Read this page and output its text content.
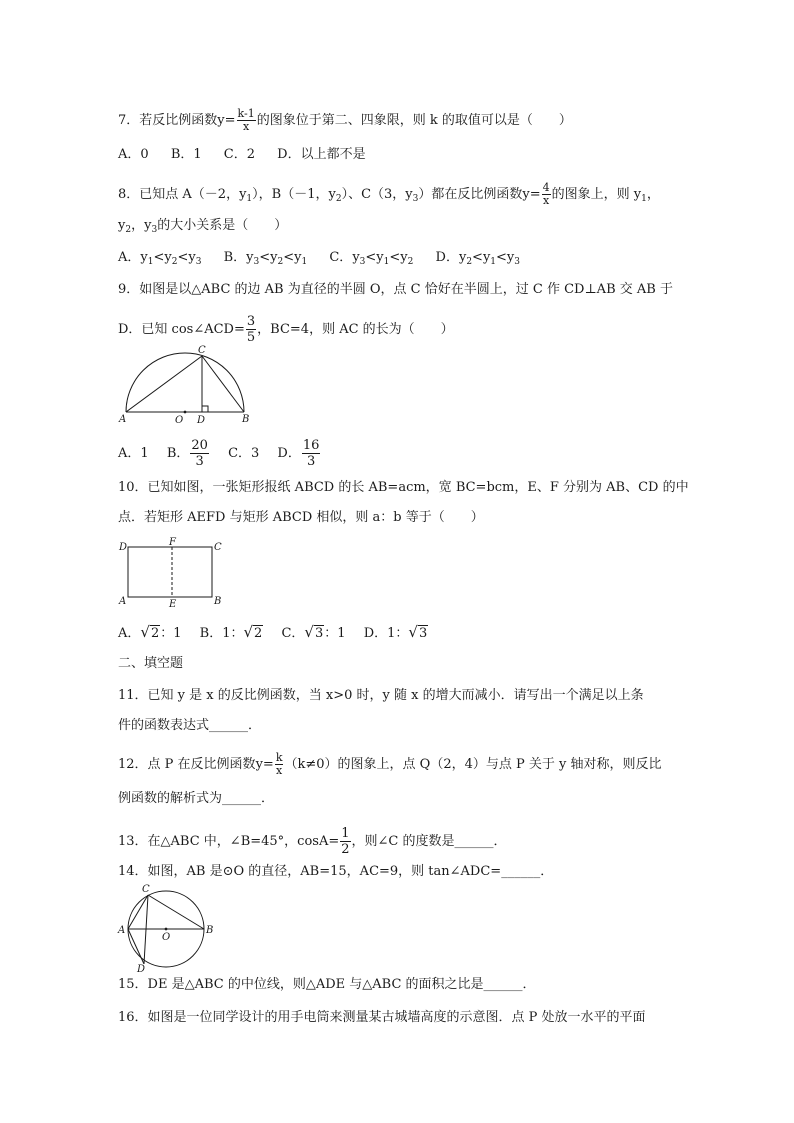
7．若反比例函数$y= \frac{k-1}{x}$ 的图象位于第二、四象限，则 k 的取值可以是（　　）
A．0 B．1 C．2 D．以上都不是
8．已知点 A（－2，$y_1$），B（－1，$y_2$）、C（3，$y_3$）都在反比例函数$y= \frac{4}{x}$ 的图象上，则 $y_1$，
$y_2$，$y_3$的大小关系是（　　）
A．$y_1<y_2<y_3$ B．$y_3<y_2<y_1$ C．$y_3<y_1<y_2$ D．$y_2<y_1<y_3$
9．如图是以△ABC 的边 AB 为直径的半圆 O，点 C 恰好在半圆上，过 C 作 CD⊥AB 交 AB 于
D．已知 cos∠ACD= $\frac{3}{5}$ ，BC=4，则 AC 的长为（　　）
C
A	O D	B
A．1 B． $\frac{20}{3}$ C．3 D． $\frac{16}{3}$
10．已知如图，一张矩形报纸 ABCD 的长 AB=acm，宽 BC=bcm，E、F 分别为 AB、CD 的中
点．若矩形 AEFD 与矩形 ABCD 相似，则 a：b 等于（　　）
D	F	C
A	E	B
A．√2：1 B．1：√2 C．√3：1 D．1：√3
二、填空题
11．已知 y 是 x 的反比例函数，当 x>0 时，y 随 x 的增大而减小．请写出一个满足以上条
件的函数表达式______．
12．点 P 在反比例函数$y= \frac{k}{x} (k\ne 0)$的图象上，点 Q（2，4）与点 P 关于 y 轴对称，则反比
例函数的解析式为______．
13．在△ABC 中，∠B=45°，$\cos A= \frac{1}{2}$ ，则∠C 的度数是______．
14．如图，AB 是⊙O 的直径，AB=15，AC=9，则 tan∠ADC=______．
C
A
O
B
D
15．DE 是△ABC 的中位线，则△ADE 与△ABC 的面积之比是______．
16．如图是一位同学设计的用手电筒来测量某古城墙高度的示意图．点 P 处放一水平的平面
